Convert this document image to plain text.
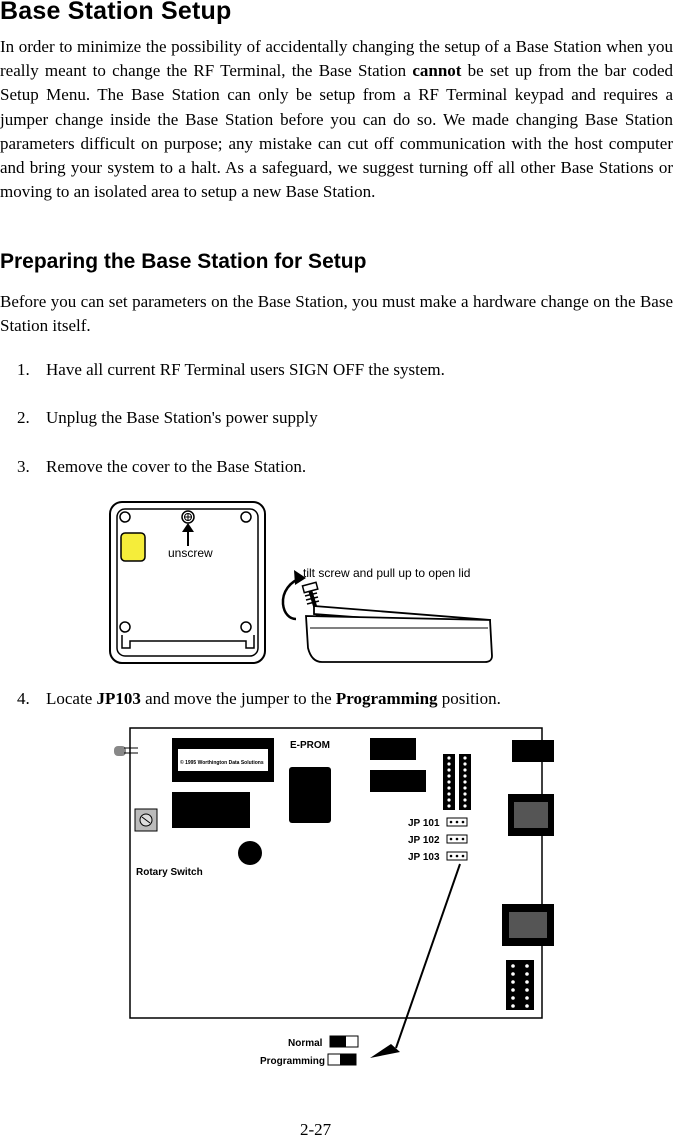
Base Station Setup

In order to minimize the possibility of accidentally changing the setup of a Base Station when you really meant to change the RF Terminal, the Base Station cannot be set up from the bar coded Setup Menu. The Base Station can only be setup from a RF Terminal keypad and requires a jumper change inside the Base Station before you can do so. We made changing Base Station parameters difficult on purpose; any mistake can cut off communication with the host computer and bring your system to a halt. As a safeguard, we suggest turning off all other Base Stations or moving to an isolated area to setup a new Base Station.

Preparing the Base Station for Setup

Before you can set parameters on the Base Station, you must make a hardware change on the Base Station itself.

1. Have all current RF Terminal users SIGN OFF the system.
2. Unplug the Base Station's power supply
3. Remove the cover to the Base Station.
unscrew
tilt screw and pull up to open lid
4. Locate JP103 and move the jumper to the Programming position.
© 1995 Worthington Data Solutions
E-PROM
JP 101
JP 102
JP 103
Rotary Switch
Normal
Programming
2-27
